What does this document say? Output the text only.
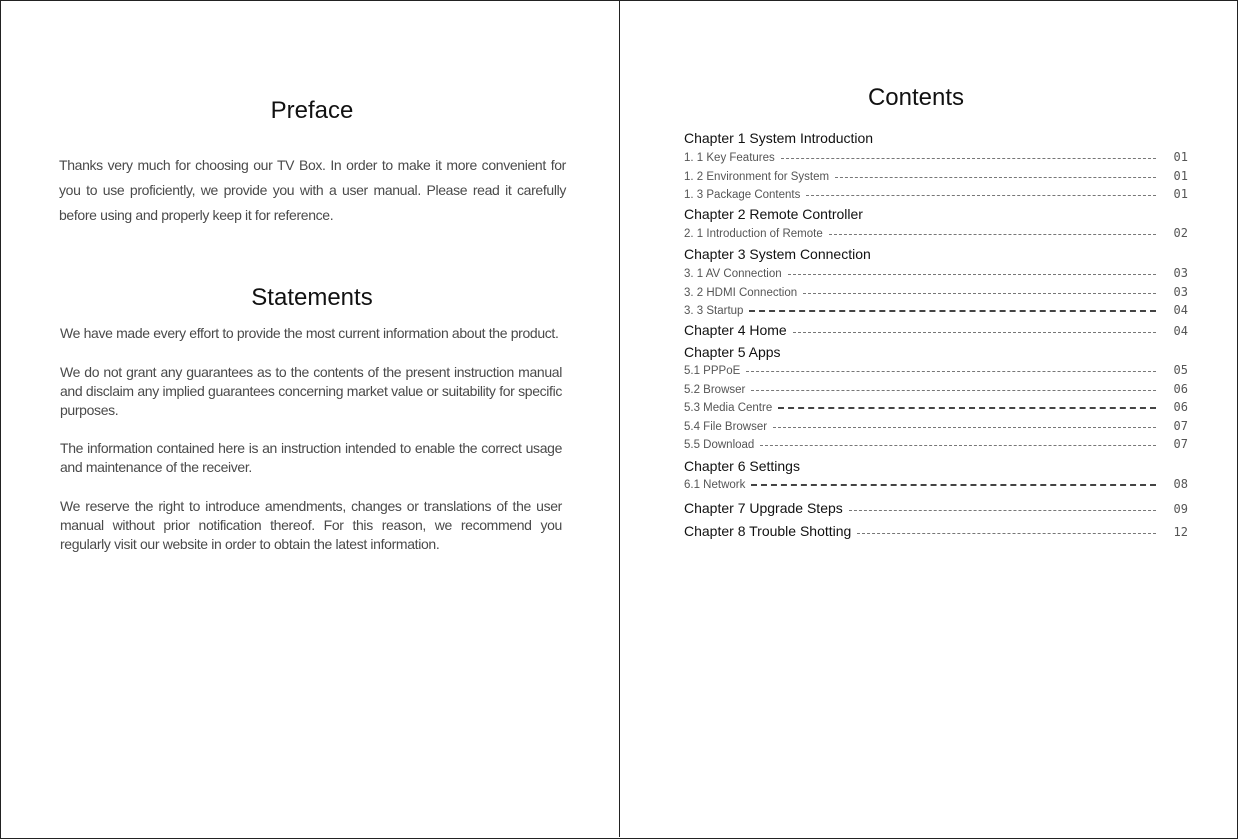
Preface

Thanks very much for choosing our TV Box. In order to make it more convenient for you to use proficiently, we provide you with a user manual. Please read it carefully before using and properly keep it for reference.

Statements

We have made every effort to provide the most current information about the product.

We do not grant any guarantees as to the contents of the present instruction manual and disclaim any implied guarantees concerning market value or suitability for specific purposes.

The information contained here is an instruction intended to enable the correct usage and maintenance of the receiver.

We reserve the right to introduce amendments, changes or translations of the user manual without prior notification thereof. For this reason, we recommend you regularly visit our website in order to obtain the latest information.

Contents
Chapter 1 System Introduction
1. 1 Key Features	01
1. 2 Environment for System	01
1. 3 Package Contents	01
Chapter 2 Remote Controller
2. 1 Introduction of Remote	02
Chapter 3 System Connection
3. 1 AV Connection	03
3. 2 HDMI Connection	03
3. 3 Startup	04
Chapter 4 Home	04
Chapter 5 Apps
5.1 PPPoE	05
5.2 Browser	06
5.3 Media Centre	06
5.4 File Browser	07
5.5 Download	07
Chapter 6 Settings
6.1 Network	08
Chapter 7 Upgrade Steps	09
Chapter 8 Trouble Shotting	12
